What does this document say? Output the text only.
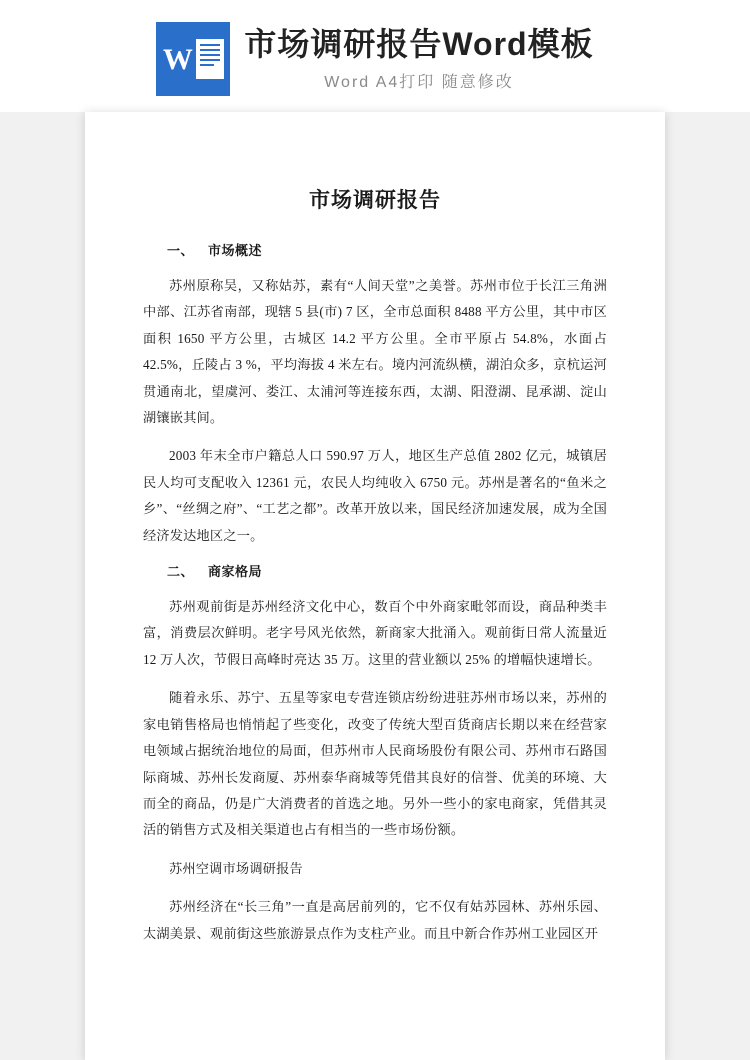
W 市场调研报告Word模板
Word A4打印 随意修改
市场调研报告
一、 市场概述

苏州原称吴，又称姑苏，素有“人间天堂”之美誉。苏州市位于长江三角洲中部、江苏省南部，现辖 5 县(市) 7 区，全市总面积 8488 平方公里，其中市区面积 1650 平方公里，古城区 14.2 平方公里。全市平原占 54.8%，水面占 42.5%，丘陵占 3 %，平均海拔 4 米左右。境内河流纵横，湖泊众多，京杭运河贯通南北，望虞河、娄江、太浦河等连接东西，太湖、阳澄湖、昆承湖、淀山湖镶嵌其间。

2003 年末全市户籍总人口 590.97 万人，地区生产总值 2802 亿元，城镇居民人均可支配收入 12361 元，农民人均纯收入 6750 元。苏州是著名的“鱼米之乡”、“丝绸之府”、“工艺之都”。改革开放以来，国民经济加速发展，成为全国经济发达地区之一。

二、 商家格局

苏州观前街是苏州经济文化中心，数百个中外商家毗邻而设，商品种类丰富，消费层次鲜明。老字号风光依然，新商家大批涌入。观前街日常人流量近 12 万人次，节假日高峰时亮达 35 万。这里的营业额以 25% 的增幅快速增长。

随着永乐、苏宁、五星等家电专营连锁店纷纷进驻苏州市场以来，苏州的家电销售格局也悄悄起了些变化，改变了传统大型百货商店长期以来在经营家电领域占据统治地位的局面，但苏州市人民商场股份有限公司、苏州市石路国际商城、苏州长发商厦、苏州泰华商城等凭借其良好的信誉、优美的环境、大而全的商品，仍是广大消费者的首选之地。另外一些小的家电商家，凭借其灵活的销售方式及相关渠道也占有相当的一些市场份额。

苏州空调市场调研报告

苏州经济在“长三角”一直是高居前列的，它不仅有姑苏园林、苏州乐园、太湖美景、观前街这些旅游景点作为支柱产业。而且中新合作苏州工业园区开
